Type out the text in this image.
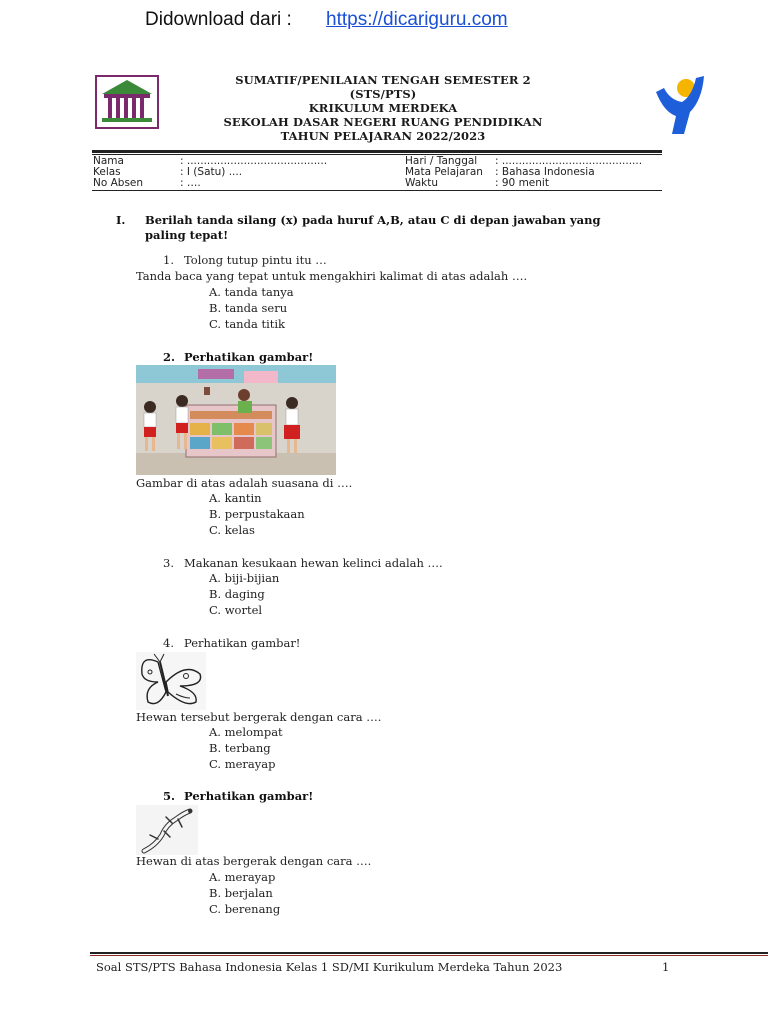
Didownload dari : https://dicariguru.com
SUMATIF/PENILAIAN TENGAH SEMESTER 2
(STS/PTS)
KRIKULUM MERDEKA
SEKOLAH DASAR NEGERI RUANG PENDIDIKAN
TAHUN PELAJARAN 2022/2023
Nama	: ..........................................
Kelas	: I (Satu) ....
No Absen	: ….
Hari / Tanggal : ..........................................
Mata Pelajaran : Bahasa Indonesia
Waktu	: 90 menit
I. Berilah tanda silang (x) pada huruf A,B, atau C di depan jawaban yang
paling tepat!
1. Tolong tutup pintu itu …
Tanda baca yang tepat untuk mengakhiri kalimat di atas adalah ….
A. tanda tanya
B. tanda seru
C. tanda titik
2. Perhatikan gambar!
Gambar di atas adalah suasana di ….
A. kantin
B. perpustakaan
C. kelas
3. Makanan kesukaan hewan kelinci adalah ….
A. biji-bijian
B. daging
C. wortel
4. Perhatikan gambar!
Hewan tersebut bergerak dengan cara ….
A. melompat
B. terbang
C. merayap
5. Perhatikan gambar!
Hewan di atas bergerak dengan cara ….
A. merayap
B. berjalan
C. berenang
Soal STS/PTS Bahasa Indonesia Kelas 1 SD/MI Kurikulum Merdeka Tahun 2023	1
